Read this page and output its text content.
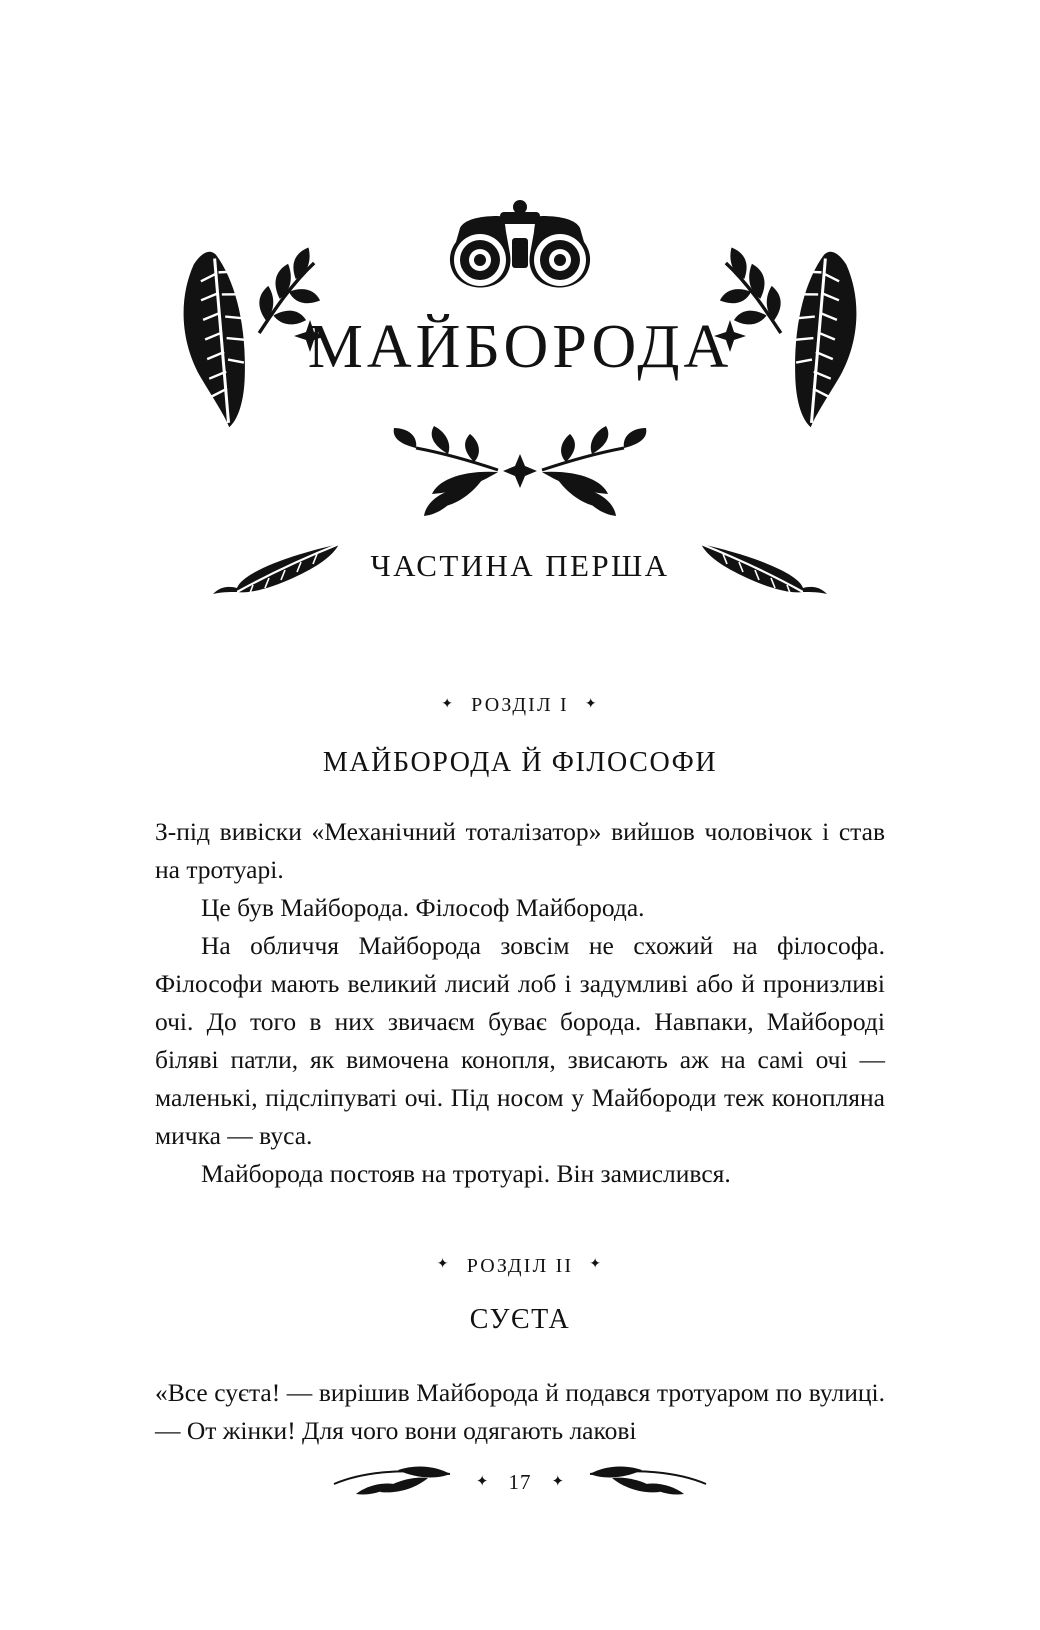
МАЙБОРОДА
ЧАСТИНА ПЕРША
✦ РОЗДІЛ I ✦
МАЙБОРОДА Й ФІЛОСОФИ

З-під вивіски «Механічний тоталізатор» вийшов чоловічок і став на тротуарі.

Це був Майборода. Філософ Майборода.

На обличчя Майборода зовсім не схожий на філософа. Філософи мають великий лисий лоб і задумливі або й пронизливі очі. До того в них звичаєм буває борода. Навпаки, Майбороді біляві патли, як вимочена конопля, звисають аж на самі очі — маленькі, підсліпуваті очі. Під носом у Майбороди теж конопляна мичка — вуса.

Майборода постояв на тротуарі. Він замислився.

✦ РОЗДІЛ II ✦
СУЄТА

«Все суєта! — вирішив Майборода й подався тротуаром по вулиці. — От жінки! Для чого вони одягають лакові

✦ 17	✦
